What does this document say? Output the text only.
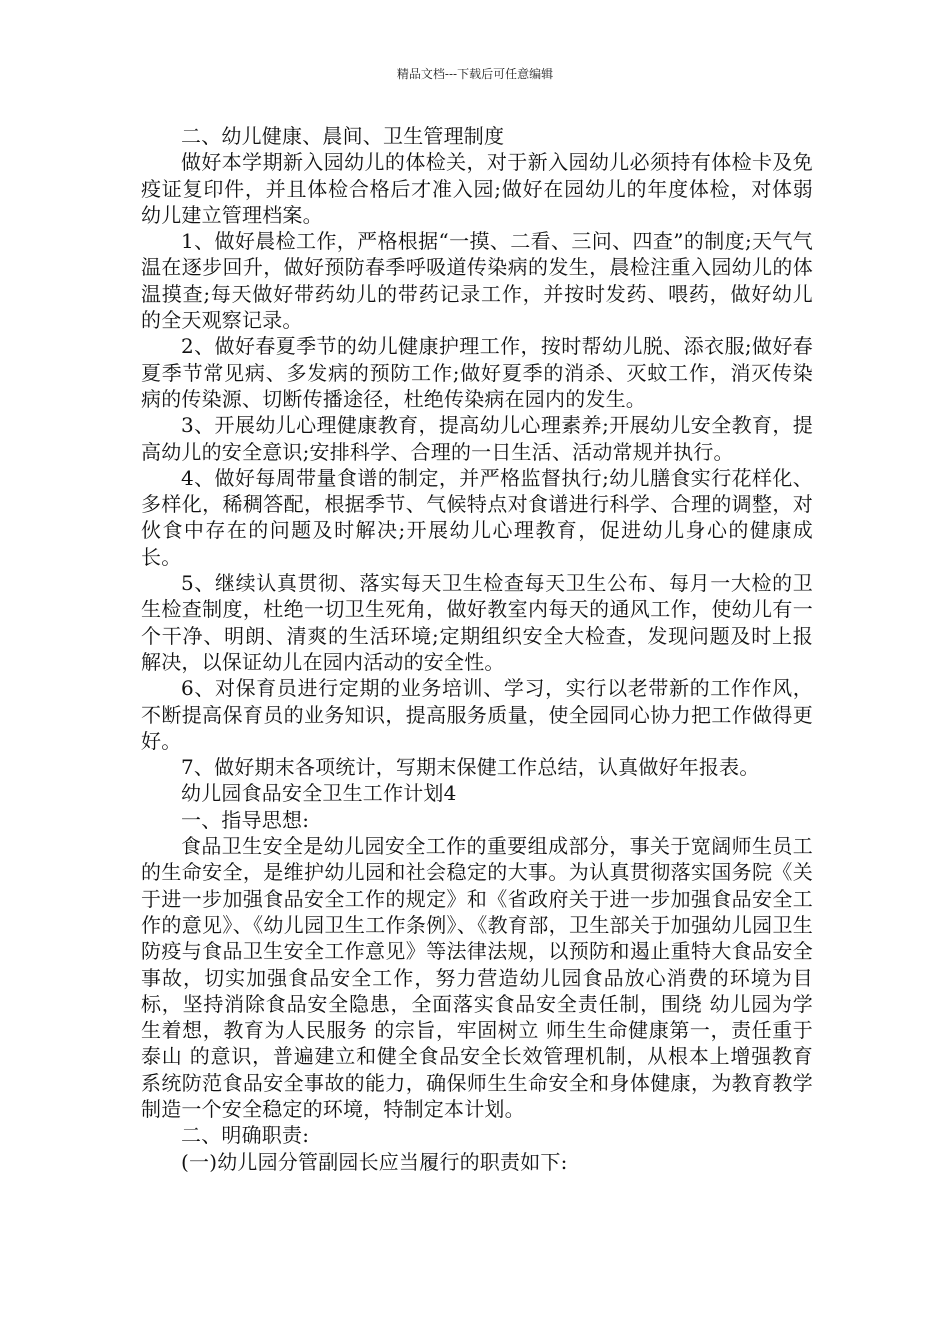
精品文档---下载后可任意编辑

二、幼儿健康、晨间、卫生管理制度

做好本学期新入园幼儿的体检关，对于新入园幼儿必须持有体检卡及免疫证复印件，并且体检合格后才准入园;做好在园幼儿的年度体检，对体弱幼儿建立管理档案。

1、做好晨检工作，严格根据“一摸、二看、三问、四查”的制度;天气气温在逐步回升，做好预防春季呼吸道传染病的发生，晨检注重入园幼儿的体温摸查;每天做好带药幼儿的带药记录工作，并按时发药、喂药，做好幼儿的全天观察记录。

2、做好春夏季节的幼儿健康护理工作，按时帮幼儿脱、添衣服;做好春夏季节常见病、多发病的预防工作;做好夏季的消杀、灭蚊工作，消灭传染病的传染源、切断传播途径，杜绝传染病在园内的发生。

3、开展幼儿心理健康教育，提高幼儿心理素养;开展幼儿安全教育，提高幼儿的安全意识;安排科学、合理的一日生活、活动常规并执行。

4、做好每周带量食谱的制定，并严格监督执行;幼儿膳食实行花样化、多样化，稀稠答配，根据季节、气候特点对食谱进行科学、合理的调整，对伙食中存在的问题及时解决;开展幼儿心理教育，促进幼儿身心的健康成长。

5、继续认真贯彻、落实每天卫生检查每天卫生公布、每月一大检的卫生检查制度，杜绝一切卫生死角，做好教室内每天的通风工作，使幼儿有一个干净、明朗、清爽的生活环境;定期组织安全大检查，发现问题及时上报解决，以保证幼儿在园内活动的安全性。

6、对保育员进行定期的业务培训、学习，实行以老带新的工作作风，不断提高保育员的业务知识，提高服务质量，使全园同心协力把工作做得更好。

7、做好期末各项统计，写期末保健工作总结，认真做好年报表。

幼儿园食品安全卫生工作计划4

一、指导思想:

食品卫生安全是幼儿园安全工作的重要组成部分，事关于宽阔师生员工的生命安全，是维护幼儿园和社会稳定的大事。为认真贯彻落实国务院《关于进一步加强食品安全工作的规定》和《省政府关于进一步加强食品安全工作的意见》、《幼儿园卫生工作条例》、《教育部，卫生部关于加强幼儿园卫生防疫与食品卫生安全工作意见》等法律法规，以预防和遏止重特大食品安全事故，切实加强食品安全工作，努力营造幼儿园食品放心消费的环境为目标，坚持消除食品安全隐患，全面落实食品安全责任制，围绕 幼儿园为学生着想，教育为人民服务 的宗旨，牢固树立 师生生命健康第一，责任重于泰山 的意识，普遍建立和健全食品安全长效管理机制，从根本上增强教育系统防范食品安全事故的能力，确保师生生命安全和身体健康，为教育教学制造一个安全稳定的环境，特制定本计划。

二、明确职责:

(一)幼儿园分管副园长应当履行的职责如下:
